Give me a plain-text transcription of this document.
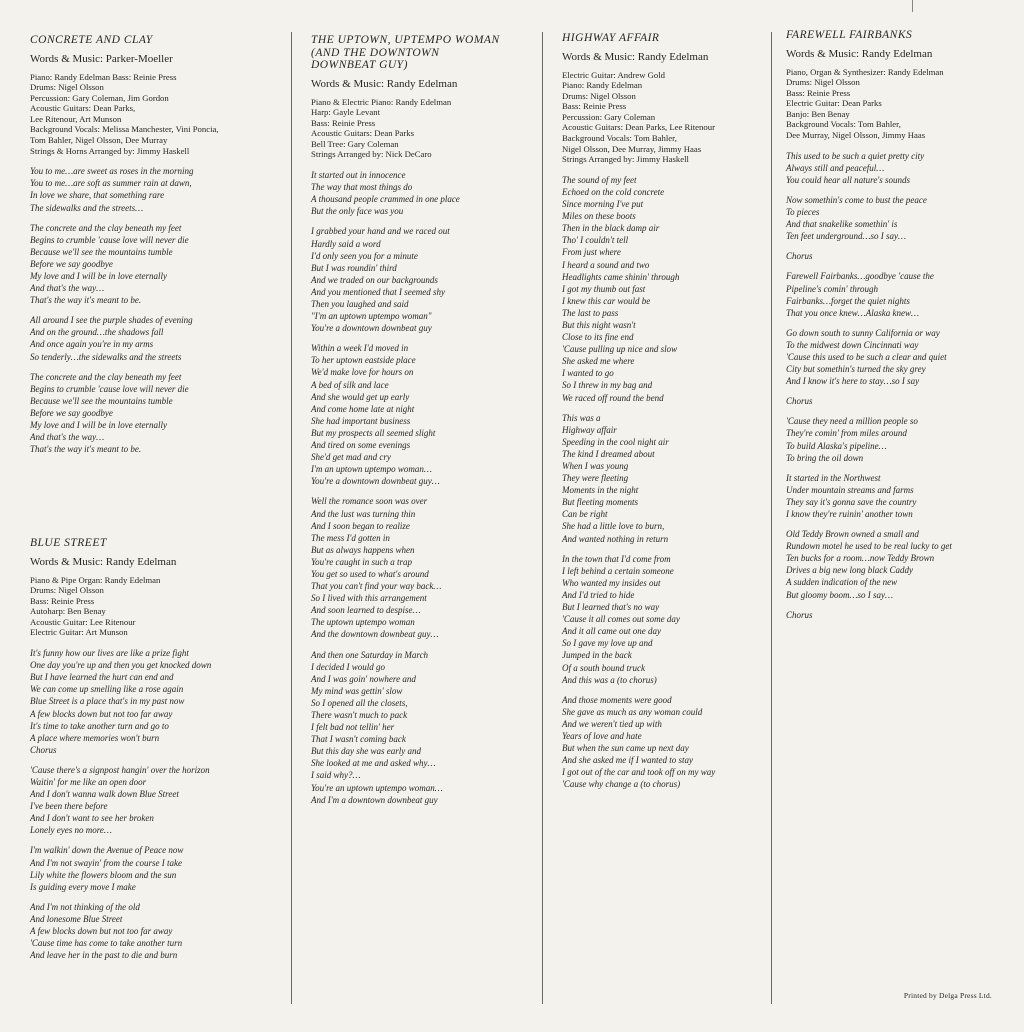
CONCRETE AND CLAY
Words & Music: Parker-Moeller
Piano: Randy Edelman Bass: Reinie Press
Drums: Nigel Olsson
Percussion: Gary Coleman, Jim Gordon
Acoustic Guitars: Dean Parks,
Lee Ritenour, Art Munson
Background Vocals: Melissa Manchester, Vini Poncia,
Tom Bahler, Nigel Olsson, Dee Murray
Strings & Horns Arranged by: Jimmy Haskell
You to me…are sweet as roses in the morning
You to me…are soft as summer rain at dawn,
In love we share, that something rare
The sidewalks and the streets…
The concrete and the clay beneath my feet
Begins to crumble 'cause love will never die
Because we'll see the mountains tumble
Before we say goodbye
My love and I will be in love eternally
And that's the way…
That's the way it's meant to be.
All around I see the purple shades of evening
And on the ground…the shadows fall
And once again you're in my arms
So tenderly…the sidewalks and the streets
The concrete and the clay beneath my feet
Begins to crumble 'cause love will never die
Because we'll see the mountains tumble
Before we say goodbye
My love and I will be in love eternally
And that's the way…
That's the way it's meant to be.
BLUE STREET
Words & Music: Randy Edelman
Piano & Pipe Organ: Randy Edelman
Drums: Nigel Olsson
Bass: Reinie Press
Autoharp: Ben Benay
Acoustic Guitar: Lee Ritenour
Electric Guitar: Art Munson
It's funny how our lives are like a prize fight
One day you're up and then you get knocked down
But I have learned the hurt can end and
We can come up smelling like a rose again
Blue Street is a place that's in my past now
A few blocks down but not too far away
It's time to take another turn and go to
A place where memories won't burn
Chorus
'Cause there's a signpost hangin' over the horizon
Waitin' for me like an open door
And I don't wanna walk down Blue Street
I've been there before
And I don't want to see her broken
Lonely eyes no more…
I'm walkin' down the Avenue of Peace now
And I'm not swayin' from the course I take
Lily white the flowers bloom and the sun
Is guiding every move I make
And I'm not thinking of the old
And lonesome Blue Street
A few blocks down but not too far away
'Cause time has come to take another turn
And leave her in the past to die and burn
THE UPTOWN, UPTEMPO WOMAN
(AND THE DOWNTOWN
DOWNBEAT GUY)
Words & Music: Randy Edelman
Piano & Electric Piano: Randy Edelman
Harp: Gayle Levant
Bass: Reinie Press
Acoustic Guitars: Dean Parks
Bell Tree: Gary Coleman
Strings Arranged by: Nick DeCaro
It started out in innocence
The way that most things do
A thousand people crammed in one place
But the only face was you
I grabbed your hand and we raced out
Hardly said a word
I'd only seen you for a minute
But I was roundin' third
And we traded on our backgrounds
And you mentioned that I seemed shy
Then you laughed and said
"I'm an uptown uptempo woman"
You're a downtown downbeat guy
Within a week I'd moved in
To her uptown eastside place
We'd make love for hours on
A bed of silk and lace
And she would get up early
And come home late at night
She had important business
But my prospects all seemed slight
And tired on some evenings
She'd get mad and cry
I'm an uptown uptempo woman…
You're a downtown downbeat guy…
Well the romance soon was over
And the lust was turning thin
And I soon began to realize
The mess I'd gotten in
But as always happens when
You're caught in such a trap
You get so used to what's around
That you can't find your way back…
So I lived with this arrangement
And soon learned to despise…
The uptown uptempo woman
And the downtown downbeat guy…
And then one Saturday in March
I decided I would go
And I was goin' nowhere and
My mind was gettin' slow
So I opened all the closets,
There wasn't much to pack
I felt bad not tellin' her
That I wasn't coming back
But this day she was early and
She looked at me and asked why…
I said why?…
You're an uptown uptempo woman…
And I'm a downtown downbeat guy
HIGHWAY AFFAIR
Words & Music: Randy Edelman
Electric Guitar: Andrew Gold
Piano: Randy Edelman
Drums: Nigel Olsson
Bass: Reinie Press
Percussion: Gary Coleman
Acoustic Guitars: Dean Parks, Lee Ritenour
Background Vocals: Tom Bahler,
Nigel Olsson, Dee Murray, Jimmy Haas
Strings Arranged by: Jimmy Haskell
The sound of my feet
Echoed on the cold concrete
Since morning I've put
Miles on these boots
Then in the black damp air
Tho' I couldn't tell
From just where
I heard a sound and two
Headlights came shinin' through
I got my thumb out fast
I knew this car would be
The last to pass
But this night wasn't
Close to its fine end
'Cause pulling up nice and slow
She asked me where
I wanted to go
So I threw in my bag and
We raced off round the bend
This was a
Highway affair
Speeding in the cool night air
The kind I dreamed about
When I was young
They were fleeting
Moments in the night
But fleeting moments
Can be right
She had a little love to burn,
And wanted nothing in return
In the town that I'd come from
I left behind a certain someone
Who wanted my insides out
And I'd tried to hide
But I learned that's no way
'Cause it all comes out some day
And it all came out one day
So I gave my love up and
Jumped in the back
Of a south bound truck
And this was a (to chorus)
And those moments were good
She gave as much as any woman could
And we weren't tied up with
Years of love and hate
But when the sun came up next day
And she asked me if I wanted to stay
I got out of the car and took off on my way
'Cause why change a (to chorus)
FAREWELL FAIRBANKS
Words & Music: Randy Edelman
Piano, Organ & Synthesizer: Randy Edelman
Drums: Nigel Olsson
Bass: Reinie Press
Electric Guitar: Dean Parks
Banjo: Ben Benay
Background Vocals: Tom Bahler,
Dee Murray, Nigel Olsson, Jimmy Haas
This used to be such a quiet pretty city
Always still and peaceful…
You could hear all nature's sounds
Now somethin's come to bust the peace
To pieces
And that snakelike somethin' is
Ten feet underground…so I say…
Chorus
Farewell Fairbanks…goodbye 'cause the
Pipeline's comin' through
Fairbanks…forget the quiet nights
That you once knew…Alaska knew…
Go down south to sunny California or way
To the midwest down Cincinnati way
'Cause this used to be such a clear and quiet
City but somethin's turned the sky grey
And I know it's here to stay…so I say
Chorus
'Cause they need a million people so
They're comin' from miles around
To build Alaska's pipeline…
To bring the oil down
It started in the Northwest
Under mountain streams and farms
They say it's gonna save the country
I know they're ruinin' another town
Old Teddy Brown owned a small and
Rundown motel he used to be real lucky to get
Ten bucks for a room…now Teddy Brown
Drives a big new long black Caddy
A sudden indication of the new
But gloomy boom…so I say…
Chorus
Printed by Delga Press Ltd.
